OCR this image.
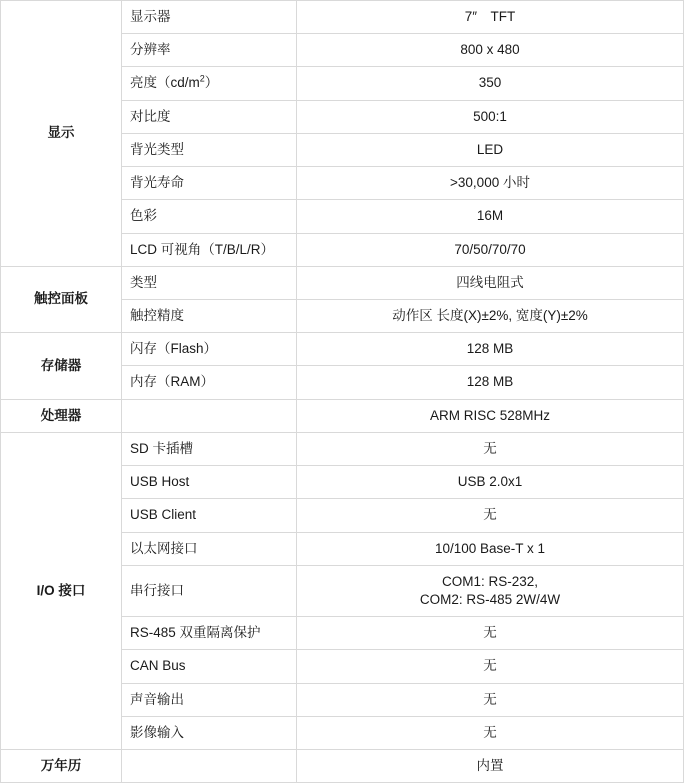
显示	显示器	7″　TFT
	分辨率	800 x 480
	亮度$(cd/m^2)$	350
	对比度	500:1
	背光类型	LED
	背光寿命	>30,000 小时
	色彩	16M
	LCD 可视角（T/B/L/R）	70/50/70/70
触控面板	类型	四线电阻式
	触控精度	动作区 长度(X)±2%, 宽度(Y)±2%
存储器	闪存（Flash）	128 MB
	内存（RAM）	128 MB
处理器		ARM RISC 528MHz
I/O 接口	SD 卡插槽	无
	USB Host	USB 2.0x1
	USB Client	无
	以太网接口	10/100 Base-T x 1
	串行接口	COM1: RS-232,
COM2: RS-485 2W/4W

	RS-485 双重隔离保护	无
	CAN Bus	无
	声音输出	无
	影像输入	无
万年历		内置
